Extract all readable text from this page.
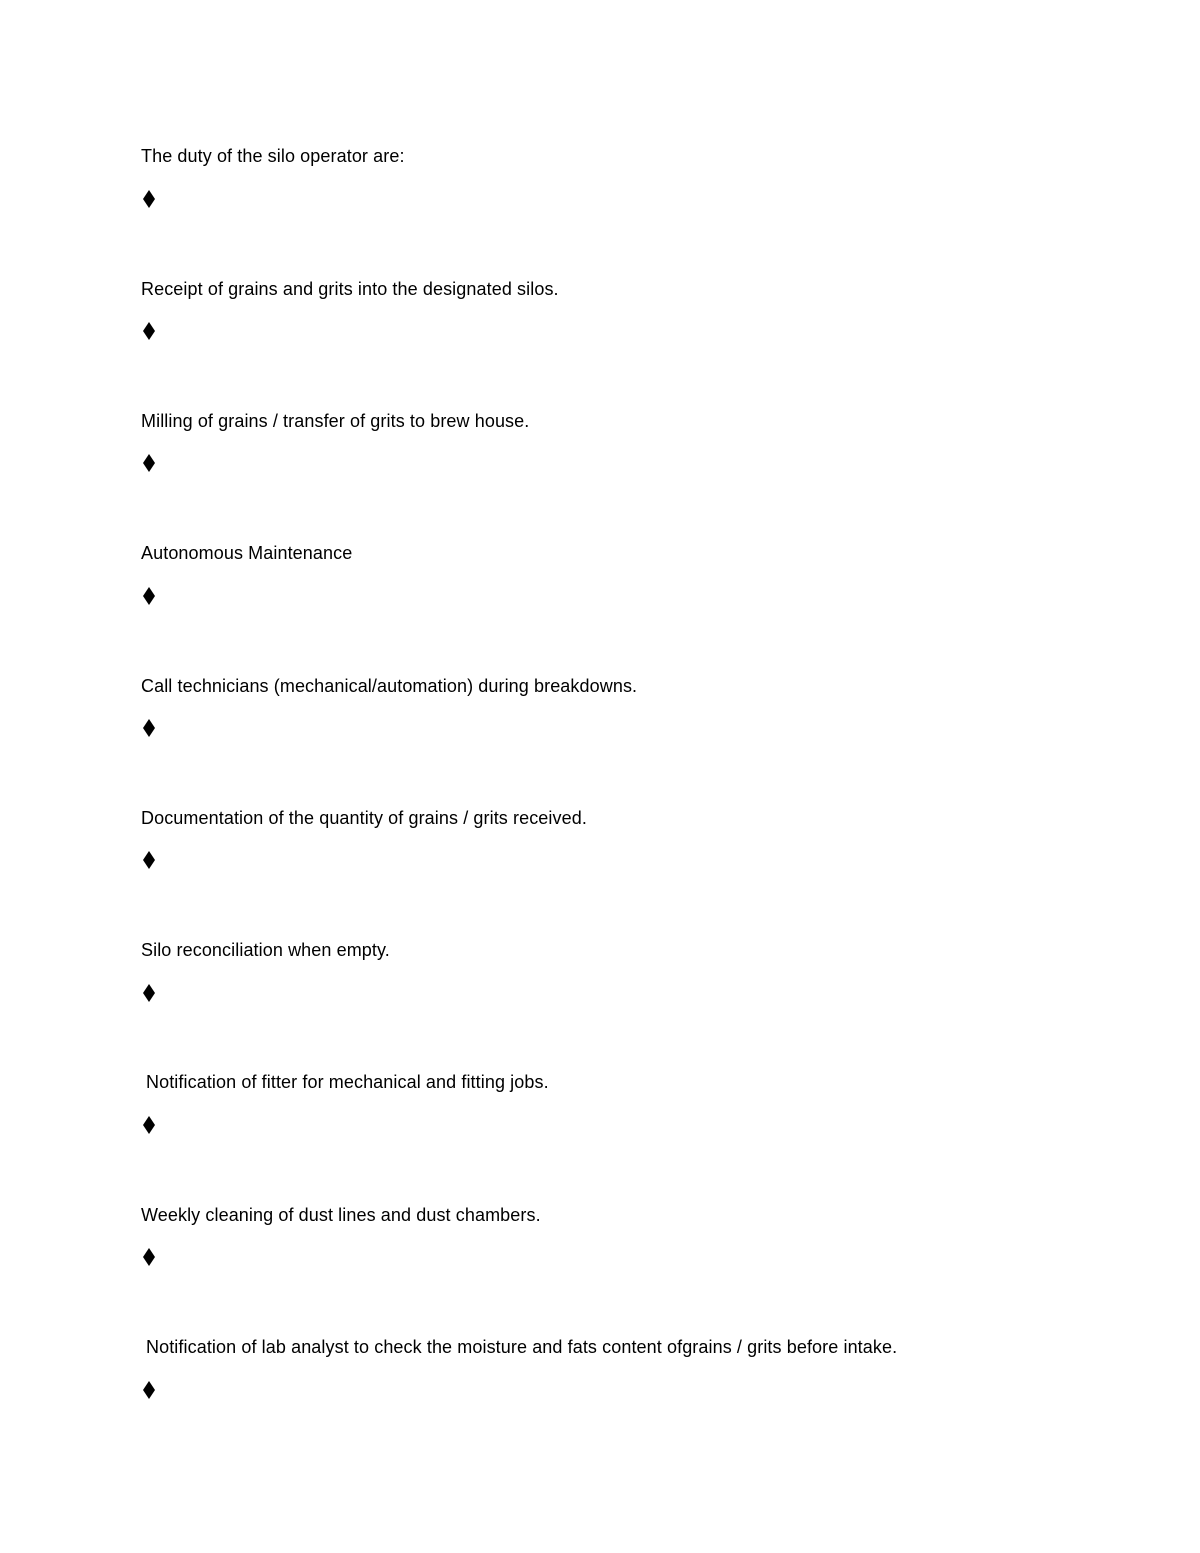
The duty of the silo operator are:
Receipt of grains and grits into the designated silos.
Milling of grains / transfer of grits to brew house.
Autonomous Maintenance
Call technicians (mechanical/automation) during breakdowns.
Documentation of the quantity of grains / grits received.
Silo reconciliation when empty.
Notification of fitter for mechanical and fitting jobs.
Weekly cleaning of dust lines and dust chambers.
Notification of lab analyst to check the moisture and fats content ofgrains / grits before intake.
